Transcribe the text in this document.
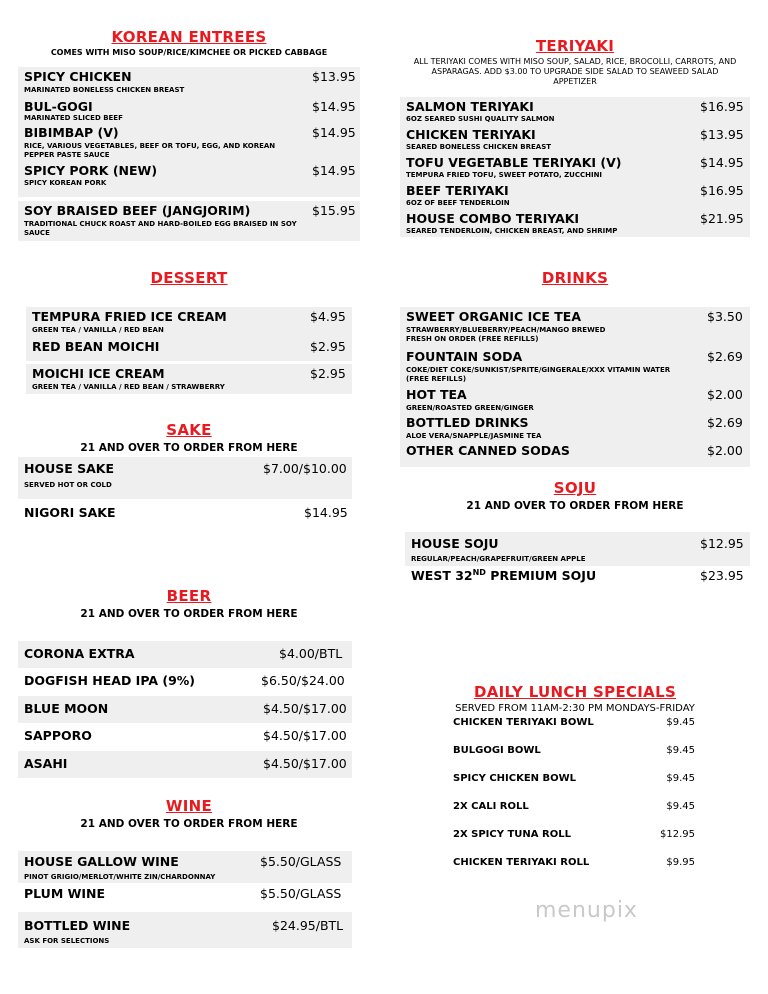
KOREAN ENTREES
COMES WITH MISO SOUP/RICE/KIMCHEE OR PICKED CABBAGE
SPICY CHICKEN
MARINATED BONELESS CHICKEN BREAST
$13.95
BUL-GOGI
MARINATED SLICED BEEF
$14.95
BIBIMBAP (V)
RICE, VARIOUS VEGETABLES, BEEF OR TOFU, EGG, AND KOREAN PEPPER PASTE SAUCE
$14.95
SPICY PORK (NEW)
SPICY KOREAN PORK
$14.95
SOY BRAISED BEEF (JANGJORIM)
TRADITIONAL CHUCK ROAST AND HARD-BOILED EGG BRAISED IN SOY SAUCE
$15.95
TERIYAKI
ALL TERIYAKI COMES WITH MISO SOUP, SALAD, RICE, BROCOLLI, CARROTS, AND ASPARAGAS. ADD $3.00 TO UPGRADE SIDE SALAD TO SEAWEED SALAD APPETIZER
SALMON TERIYAKI
6OZ SEARED SUSHI QUALITY SALMON
$16.95
CHICKEN TERIYAKI
SEARED BONELESS CHICKEN BREAST
$13.95
TOFU VEGETABLE TERIYAKI (V)
TEMPURA FRIED TOFU, SWEET POTATO, ZUCCHINI
$14.95
BEEF TERIYAKI
6OZ OF BEEF TENDERLOIN
$16.95
HOUSE COMBO TERIYAKI
SEARED TENDERLOIN, CHICKEN BREAST, AND SHRIMP
$21.95
DESSERT
TEMPURA FRIED ICE CREAM
GREEN TEA / VANILLA / RED BEAN
$4.95
RED BEAN MOICHI	$2.95
MOICHI ICE CREAM
GREEN TEA / VANILLA / RED BEAN / STRAWBERRY
$2.95
DRINKS
SWEET ORGANIC ICE TEA
STRAWBERRY/BLUEBERRY/PEACH/MANGO BREWED FRESH ON ORDER (FREE REFILLS)
$3.50
FOUNTAIN SODA
COKE/DIET COKE/SUNKIST/SPRITE/GINGERALE/XXX VITAMIN WATER (FREE REFILLS)
$2.69
HOT TEA
GREEN/ROASTED GREEN/GINGER
$2.00
BOTTLED DRINKS
ALOE VERA/SNAPPLE/JASMINE TEA
$2.69
OTHER CANNED SODAS	$2.00
SAKE
21 AND OVER TO ORDER FROM HERE
HOUSE SAKE
SERVED HOT OR COLD
$7.00/$10.00
NIGORI SAKE	$14.95
SOJU
21 AND OVER TO ORDER FROM HERE
HOUSE SOJU
REGULAR/PEACH/GRAPEFRUIT/GREEN APPLE
$12.95
WEST 32ND PREMIUM SOJU	$23.95
BEER
21 AND OVER TO ORDER FROM HERE
CORONA EXTRA	$4.00/BTL
DOGFISH HEAD IPA (9%)	$6.50/$24.00
BLUE MOON	$4.50/$17.00
SAPPORO	$4.50/$17.00
ASAHI	$4.50/$17.00
WINE
21 AND OVER TO ORDER FROM HERE
HOUSE GALLOW WINE
PINOT GRIGIO/MERLOT/WHITE ZIN/CHARDONNAY
$5.50/GLASS
PLUM WINE	$5.50/GLASS
BOTTLED WINE
ASK FOR SELECTIONS
$24.95/BTL
DAILY LUNCH SPECIALS
SERVED FROM 11AM-2:30 PM MONDAYS-FRIDAY
CHICKEN TERIYAKI BOWL	$9.45
BULGOGI BOWL	$9.45
SPICY CHICKEN BOWL	$9.45
2X CALI ROLL	$9.45
2X SPICY TUNA ROLL	$12.95
CHICKEN TERIYAKI ROLL	$9.95
menupix
